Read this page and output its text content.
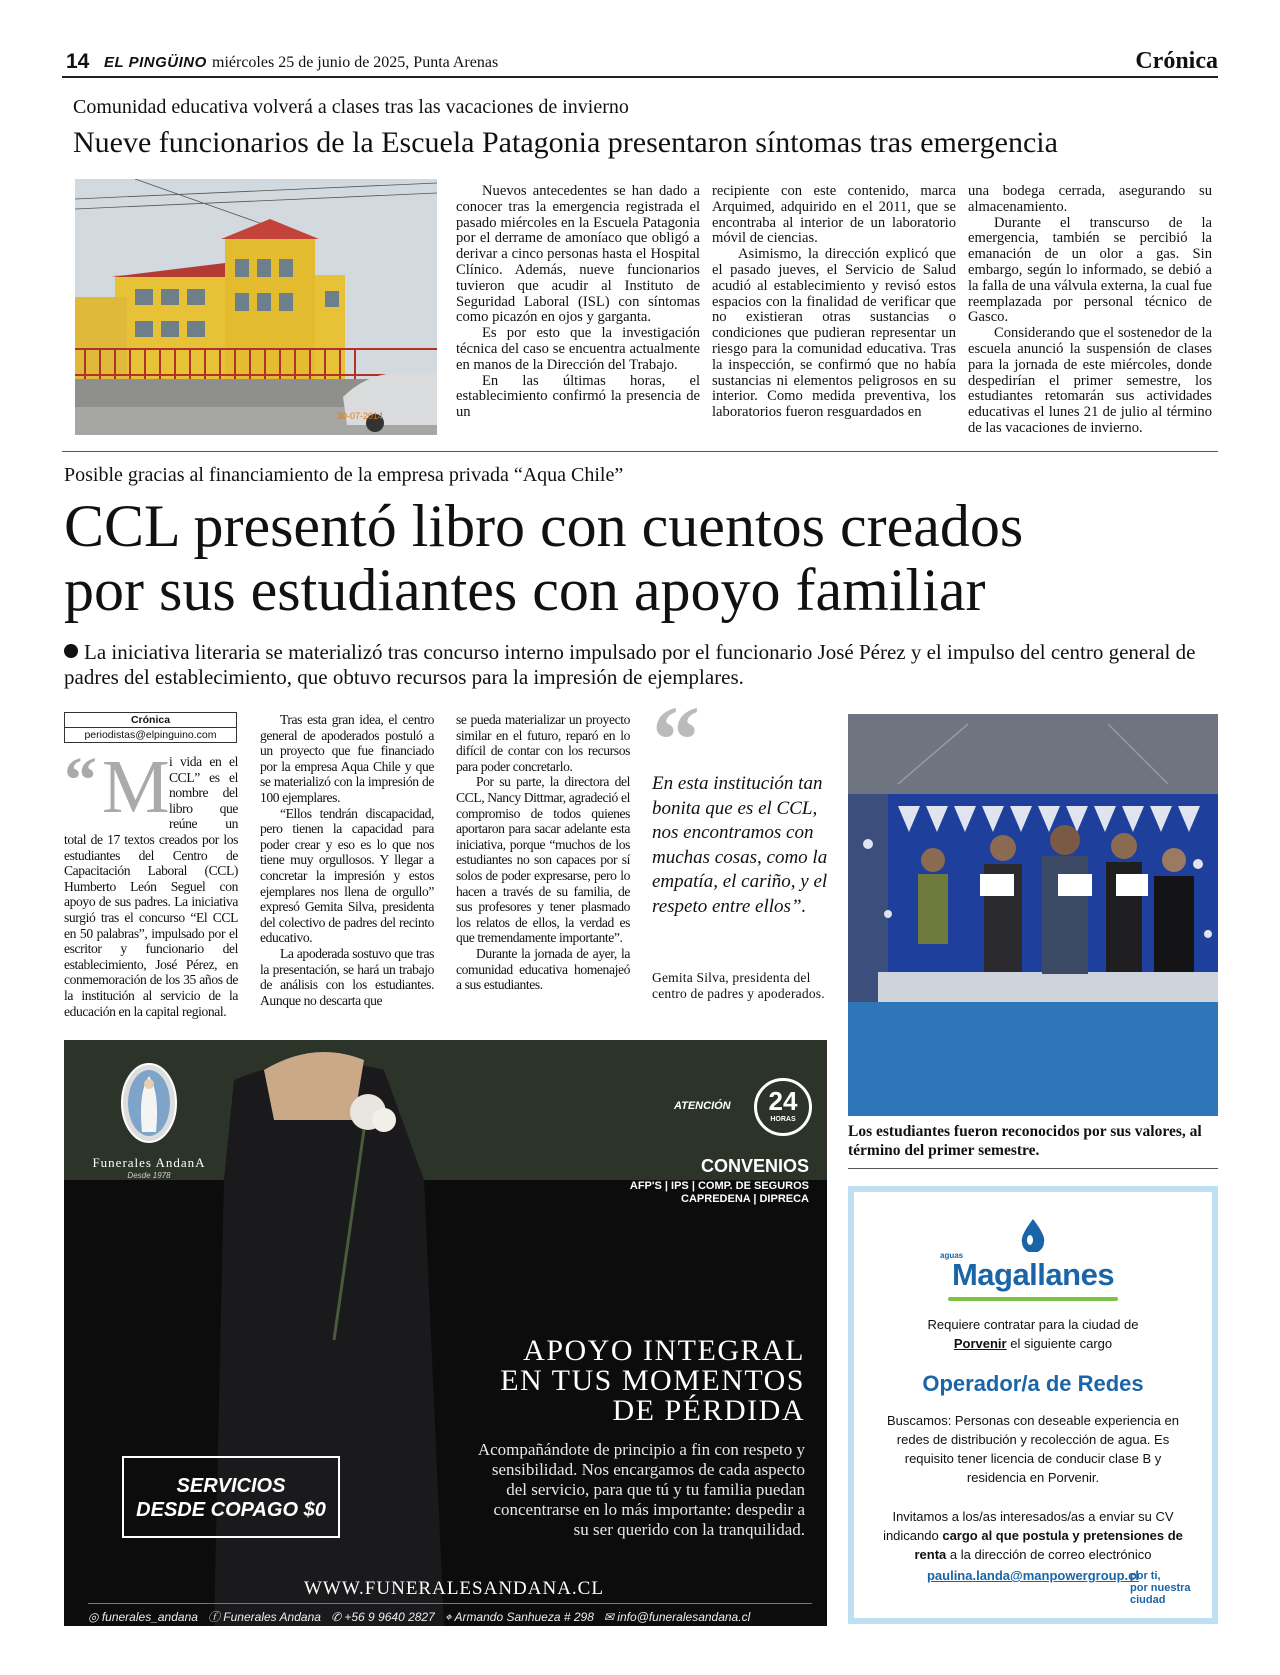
14 EL PINGÜINO miércoles 25 de junio de 2025, Punta Arenas	Crónica
Comunidad educativa volverá a clases tras las vacaciones de invierno
Nueve funcionarios de la Escuela Patagonia presentaron síntomas tras emergencia
30-07-2014

Nuevos antecedentes se han dado a conocer tras la emergencia registrada el pasado miércoles en la Escuela Patagonia por el derrame de amoníaco que obligó a derivar a cinco personas hasta el Hospital Clínico. Además, nueve funcionarios tuvieron que acudir al Instituto de Seguridad Laboral (ISL) con síntomas como picazón en ojos y garganta.

Es por esto que la investigación técnica del caso se encuentra actualmente en manos de la Dirección del Trabajo.

En las últimas horas, el establecimiento confirmó la presencia de un

recipiente con este contenido, marca Arquimed, adquirido en el 2011, que se encontraba al interior de un laboratorio móvil de ciencias.

Asimismo, la dirección explicó que el pasado jueves, el Servicio de Salud acudió al establecimiento y revisó estos espacios con la finalidad de verificar que no existieran otras sustancias o condiciones que pudieran representar un riesgo para la comunidad educativa. Tras la inspección, se confirmó que no había sustancias ni elementos peligrosos en su interior. Como medida preventiva, los laboratorios fueron resguardados en

una bodega cerrada, asegurando su almacenamiento.

Durante el transcurso de la emergencia, también se percibió la emanación de un olor a gas. Sin embargo, según lo informado, se debió a la falla de una válvula externa, la cual fue reemplazada por personal técnico de Gasco.

Considerando que el sostenedor de la escuela anunció la suspensión de clases para la jornada de este miércoles, donde despedirían el primer semestre, los estudiantes retomarán sus actividades educativas el lunes 21 de julio al término de las vacaciones de invierno.

Posible gracias al financiamiento de la empresa privada “Aqua Chile”
CCL presentó libro con cuentos creados
por sus estudiantes con apoyo familiar
La iniciativa literaria se materializó tras concurso interno impulsado por el funcionario José Pérez y el impulso del centro general de padres del establecimiento, que obtuvo recursos para la impresión de ejemplares.
Crónica
periodistas@elpinguino.com
“ M i vida en el CCL” es el nombre del libro que reúne un total de 17 textos creados por los estudiantes del Centro de Capacitación Laboral (CCL) Humberto León Seguel con apoyo de sus padres. La iniciativa surgió tras el concurso “El CCL en 50 palabras”, impulsado por el escritor y funcionario del establecimiento, José Pérez, en conmemoración de los 35 años de la institución al servicio de la educación en la capital regional.

Tras esta gran idea, el centro general de apoderados postuló a un proyecto que fue financiado por la empresa Aqua Chile y que se materializó con la impresión de 100 ejemplares.

“Ellos tendrán discapacidad, pero tienen la capacidad para poder crear y eso es lo que nos tiene muy orgullosos. Y llegar a concretar la impresión y estos ejemplares nos llena de orgullo” expresó Gemita Silva, presidenta del colectivo de padres del recinto educativo.

La apoderada sostuvo que tras la presentación, se hará un trabajo de análisis con los estudiantes. Aunque no descarta que

se pueda materializar un proyecto similar en el futuro, reparó en lo difícil de contar con los recursos para poder concretarlo.

Por su parte, la directora del CCL, Nancy Dittmar, agradeció el compromiso de todos quienes aportaron para sacar adelante esta iniciativa, porque “muchos de los estudiantes no son capaces por sí solos de poder expresarse, pero lo hacen a través de su familia, de sus profesores y tener plasmado los relatos de ellos, la verdad es que tremendamente importante”.

Durante la jornada de ayer, la comunidad educativa homenajeó a sus estudiantes.

“
En esta institución tan bonita que es el CCL, nos encontramos con muchas cosas, como la empatía, el cariño, y el respeto entre ellos”.
Gemita Silva, presidenta del centro de padres y apoderados.
Los estudiantes fueron reconocidos por sus valores, al término del primer semestre.
Funerales AndanA
Desde 1978
ATENCIÓN	24
HORAS
CONVENIOS
AFP'S | IPS | COMP. DE SEGUROS
CAPREDENA | DIPRECA
APOYO INTEGRAL
EN TUS MOMENTOS
DE PÉRDIDA
Acompañándote de principio a fin con respeto y sensibilidad. Nos encargamos de cada aspecto del servicio, para que tú y tu familia puedan concentrarse en lo más importante: despedir a su ser querido con la tranquilidad.
SERVICIOS
DESDE COPAGO $0
WWW.FUNERALESANDANA.CL
◎ funerales_andana ⓕ Funerales Andana ✆ +56 9 9640 2827 ⌖ Armando Sanhueza # 298 ✉ info@funeralesandana.cl
aguas
Magallanes

Requiere contratar para la ciudad de
Porvenir el siguiente cargo

Operador/a de Redes

Buscamos: Personas con deseable experiencia en redes de distribución y recolección de agua. Es requisito tener licencia de conducir clase B y residencia en Porvenir.

Invitamos a los/as interesados/as a enviar su CV indicando cargo al que postula y pretensiones de renta a la dirección de correo electrónico

paulina.landa@manpowergroup.cl

por ti,
por nuestra
ciudad
